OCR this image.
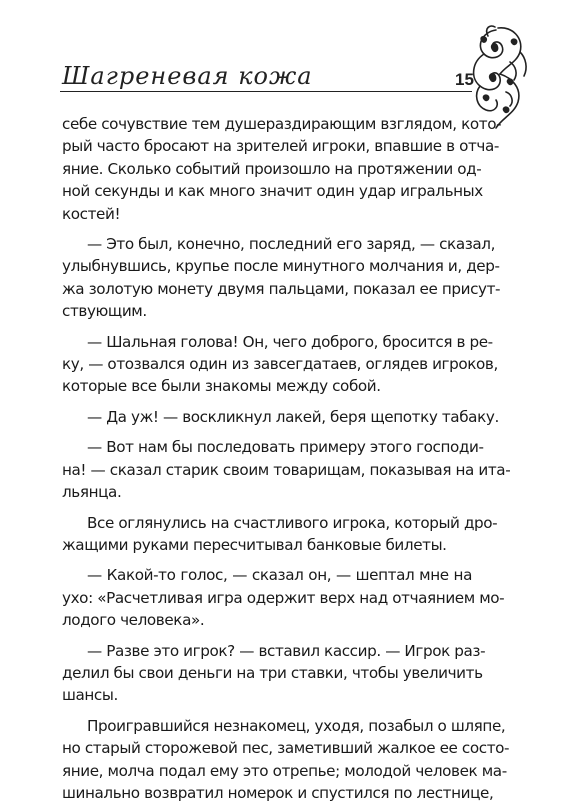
Шагреневая кожа	15
себе сочувствие тем душераздирающим взглядом, кото-
рый часто бросают на зрителей игроки, впавшие в отча-
яние. Сколько событий произошло на протяжении од-
ной секунды и как много значит один удар игральных
костей!
— Это был, конечно, последний его заряд, — сказал,
улыбнувшись, крупье после минутного молчания и, дер-
жа золотую монету двумя пальцами, показал ее присут-
ствующим.
— Шальная голова! Он, чего доброго, бросится в ре-
ку, — отозвался один из завсегдатаев, оглядев игроков,
которые все были знакомы между собой.
— Да уж! — воскликнул лакей, беря щепотку табаку.
— Вот нам бы последовать примеру этого господи-
на! — сказал старик своим товарищам, показывая на ита-
льянца.
Все оглянулись на счастливого игрока, который дро-
жащими руками пересчитывал банковые билеты.
— Какой-то голос, — сказал он, — шептал мне на
ухо: «Расчетливая игра одержит верх над отчаянием мо-
лодого человека».
— Разве это игрок? — вставил кассир. — Игрок раз-
делил бы свои деньги на три ставки, чтобы увеличить
шансы.
Проигравшийся незнакомец, уходя, позабыл о шляпе,
но старый сторожевой пес, заметивший жалкое ее состо-
яние, молча подал ему это отрепье; молодой человек ма-
шинально возвратил номерок и спустился по лестнице,
